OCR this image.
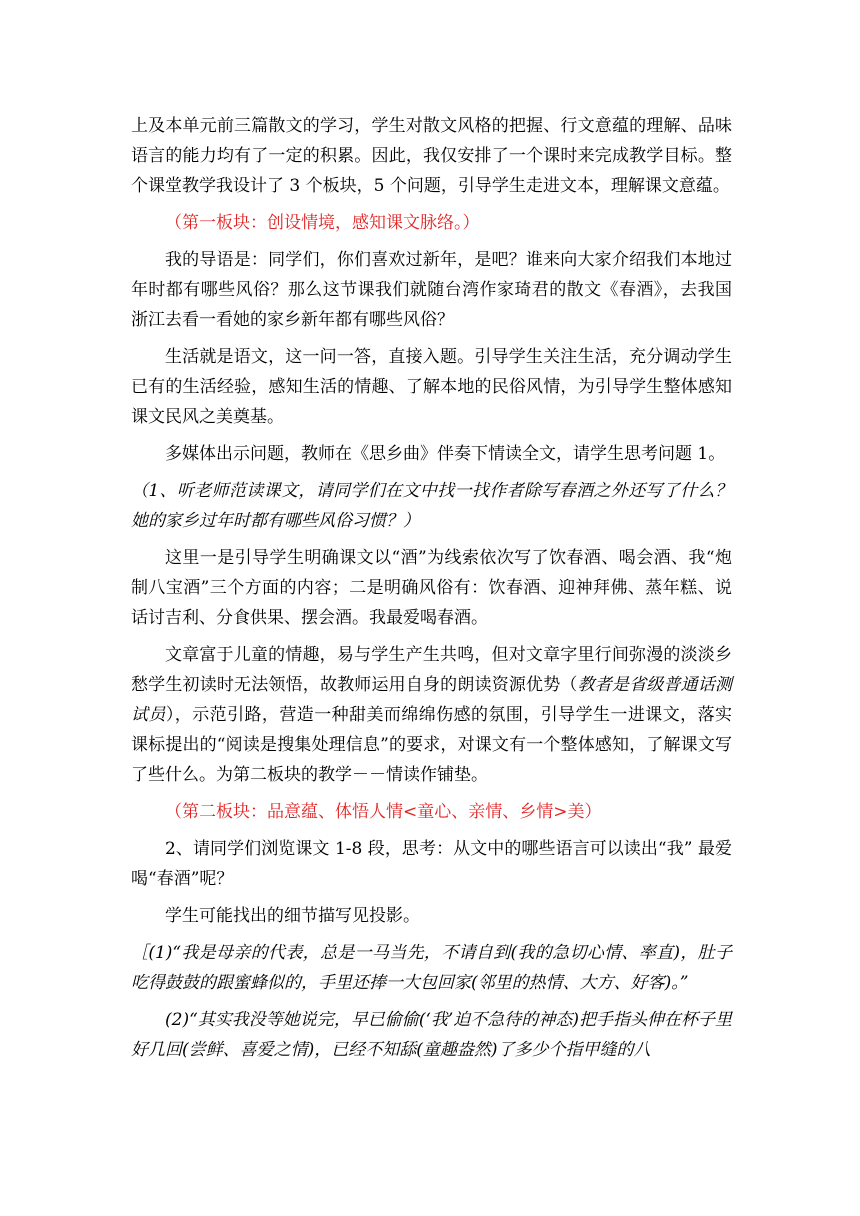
上及本单元前三篇散文的学习，学生对散文风格的把握、行文意蕴的理解、品味语言的能力均有了一定的积累。因此，我仅安排了一个课时来完成教学目标。整个课堂教学我设计了 3 个板块，5 个问题，引导学生走进文本，理解课文意蕴。

（第一板块：创设情境，感知课文脉络。）

我的导语是：同学们，你们喜欢过新年，是吧？谁来向大家介绍我们本地过年时都有哪些风俗？那么这节课我们就随台湾作家琦君的散文《春酒》，去我国浙江去看一看她的家乡新年都有哪些风俗？

生活就是语文，这一问一答，直接入题。引导学生关注生活，充分调动学生已有的生活经验，感知生活的情趣、了解本地的民俗风情，为引导学生整体感知课文民风之美奠基。

多媒体出示问题，教师在《思乡曲》伴奏下情读全文，请学生思考问题 1。

（1、听老师范读课文，请同学们在文中找一找作者除写春酒之外还写了什么？她的家乡过年时都有哪些风俗习惯？）

这里一是引导学生明确课文以“酒”为线索依次写了饮春酒、喝会酒、我“炮制八宝酒”三个方面的内容；二是明确风俗有：饮春酒、迎神拜佛、蒸年糕、说话讨吉利、分食供果、摆会酒。我最爱喝春酒。

文章富于儿童的情趣，易与学生产生共鸣，但对文章字里行间弥漫的淡淡乡愁学生初读时无法领悟，故教师运用自身的朗读资源优势（教者是省级普通话测试员），示范引路，营造一种甜美而绵绵伤感的氛围，引导学生一进课文，落实课标提出的“阅读是搜集处理信息”的要求，对课文有一个整体感知，了解课文写了些什么。为第二板块的教学－－情读作铺垫。

（第二板块：品意蕴、体悟人情<童心、亲情、乡情>美）

2、请同学们浏览课文 1-8 段，思考：从文中的哪些语言可以读出“我” 最爱喝“春酒”呢？

学生可能找出的细节描写见投影。

［(1)“我是母亲的代表，总是一马当先，不请自到(我的急切心情、率直)，肚子吃得鼓鼓的跟蜜蜂似的，手里还捧一大包回家(邻里的热情、大方、好客)。”

(2)“其实我没等她说完，早已偷偷(‘我’迫不急待的神态)把手指头伸在杯子里好几回(尝鲜、喜爱之情)，已经不知舔(童趣盎然)了多少个指甲缝的八
